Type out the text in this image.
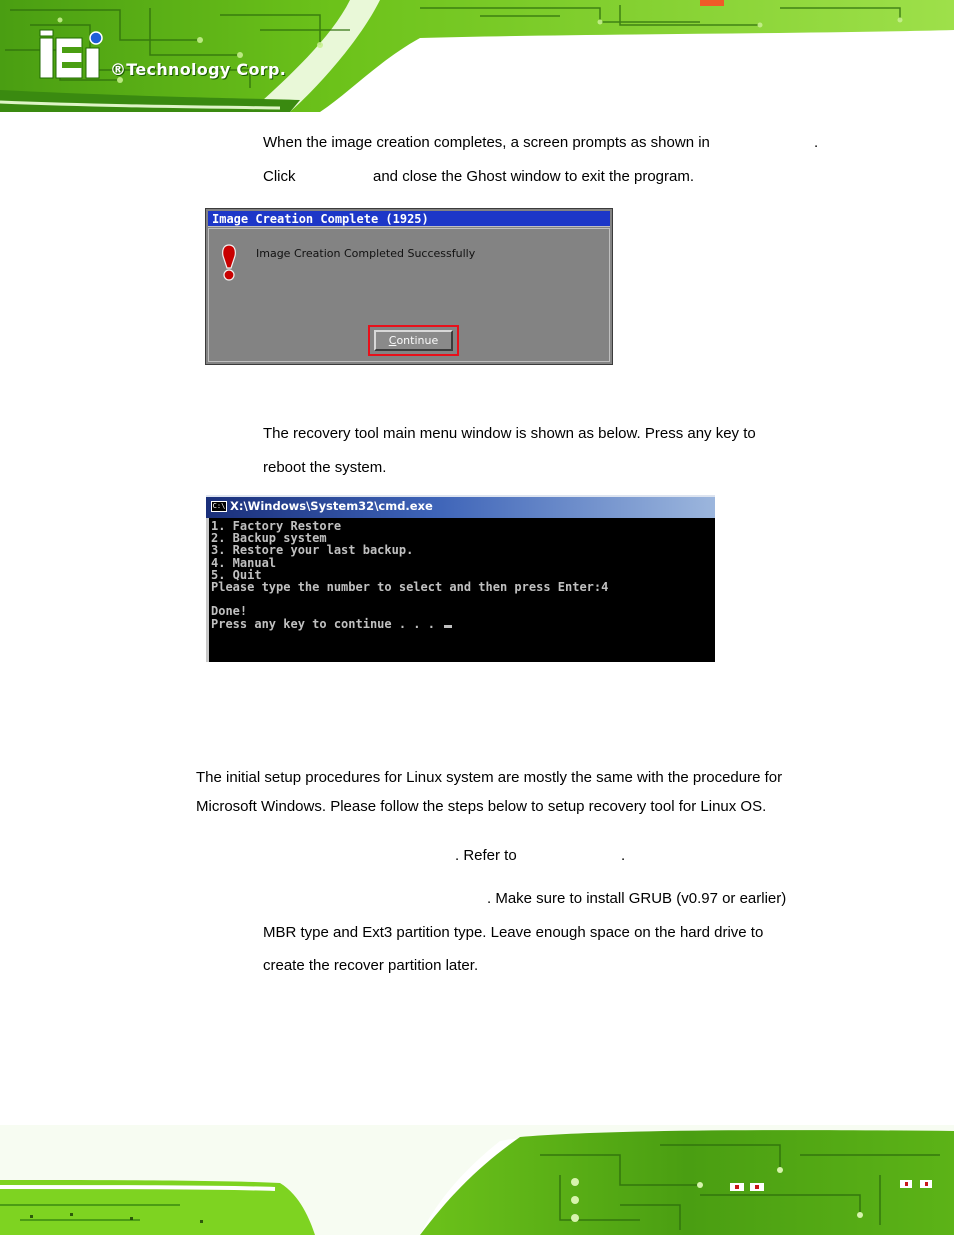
®Technology Corp.
When the image creation completes, a screen prompts as shown in	.
Click	and close the Ghost window to exit the program.
Image Creation Complete (1925)
Image Creation Completed Successfully
Continue
The recovery tool main menu window is shown as below. Press any key to
reboot the system.
C:\ X:\Windows\System32\cmd.exe
1. Factory Restore
2. Backup system
3. Restore your last backup.
4. Manual
5. Quit
Please type the number to select and then press Enter:4
Done!
Press any key to continue . . .
The initial setup procedures for Linux system are mostly the same with the procedure for
Microsoft Windows. Please follow the steps below to setup recovery tool for Linux OS.
. Refer to	.
. Make sure to install GRUB (v0.97 or earlier)
MBR type and Ext3 partition type. Leave enough space on the hard drive to
create the recover partition later.
